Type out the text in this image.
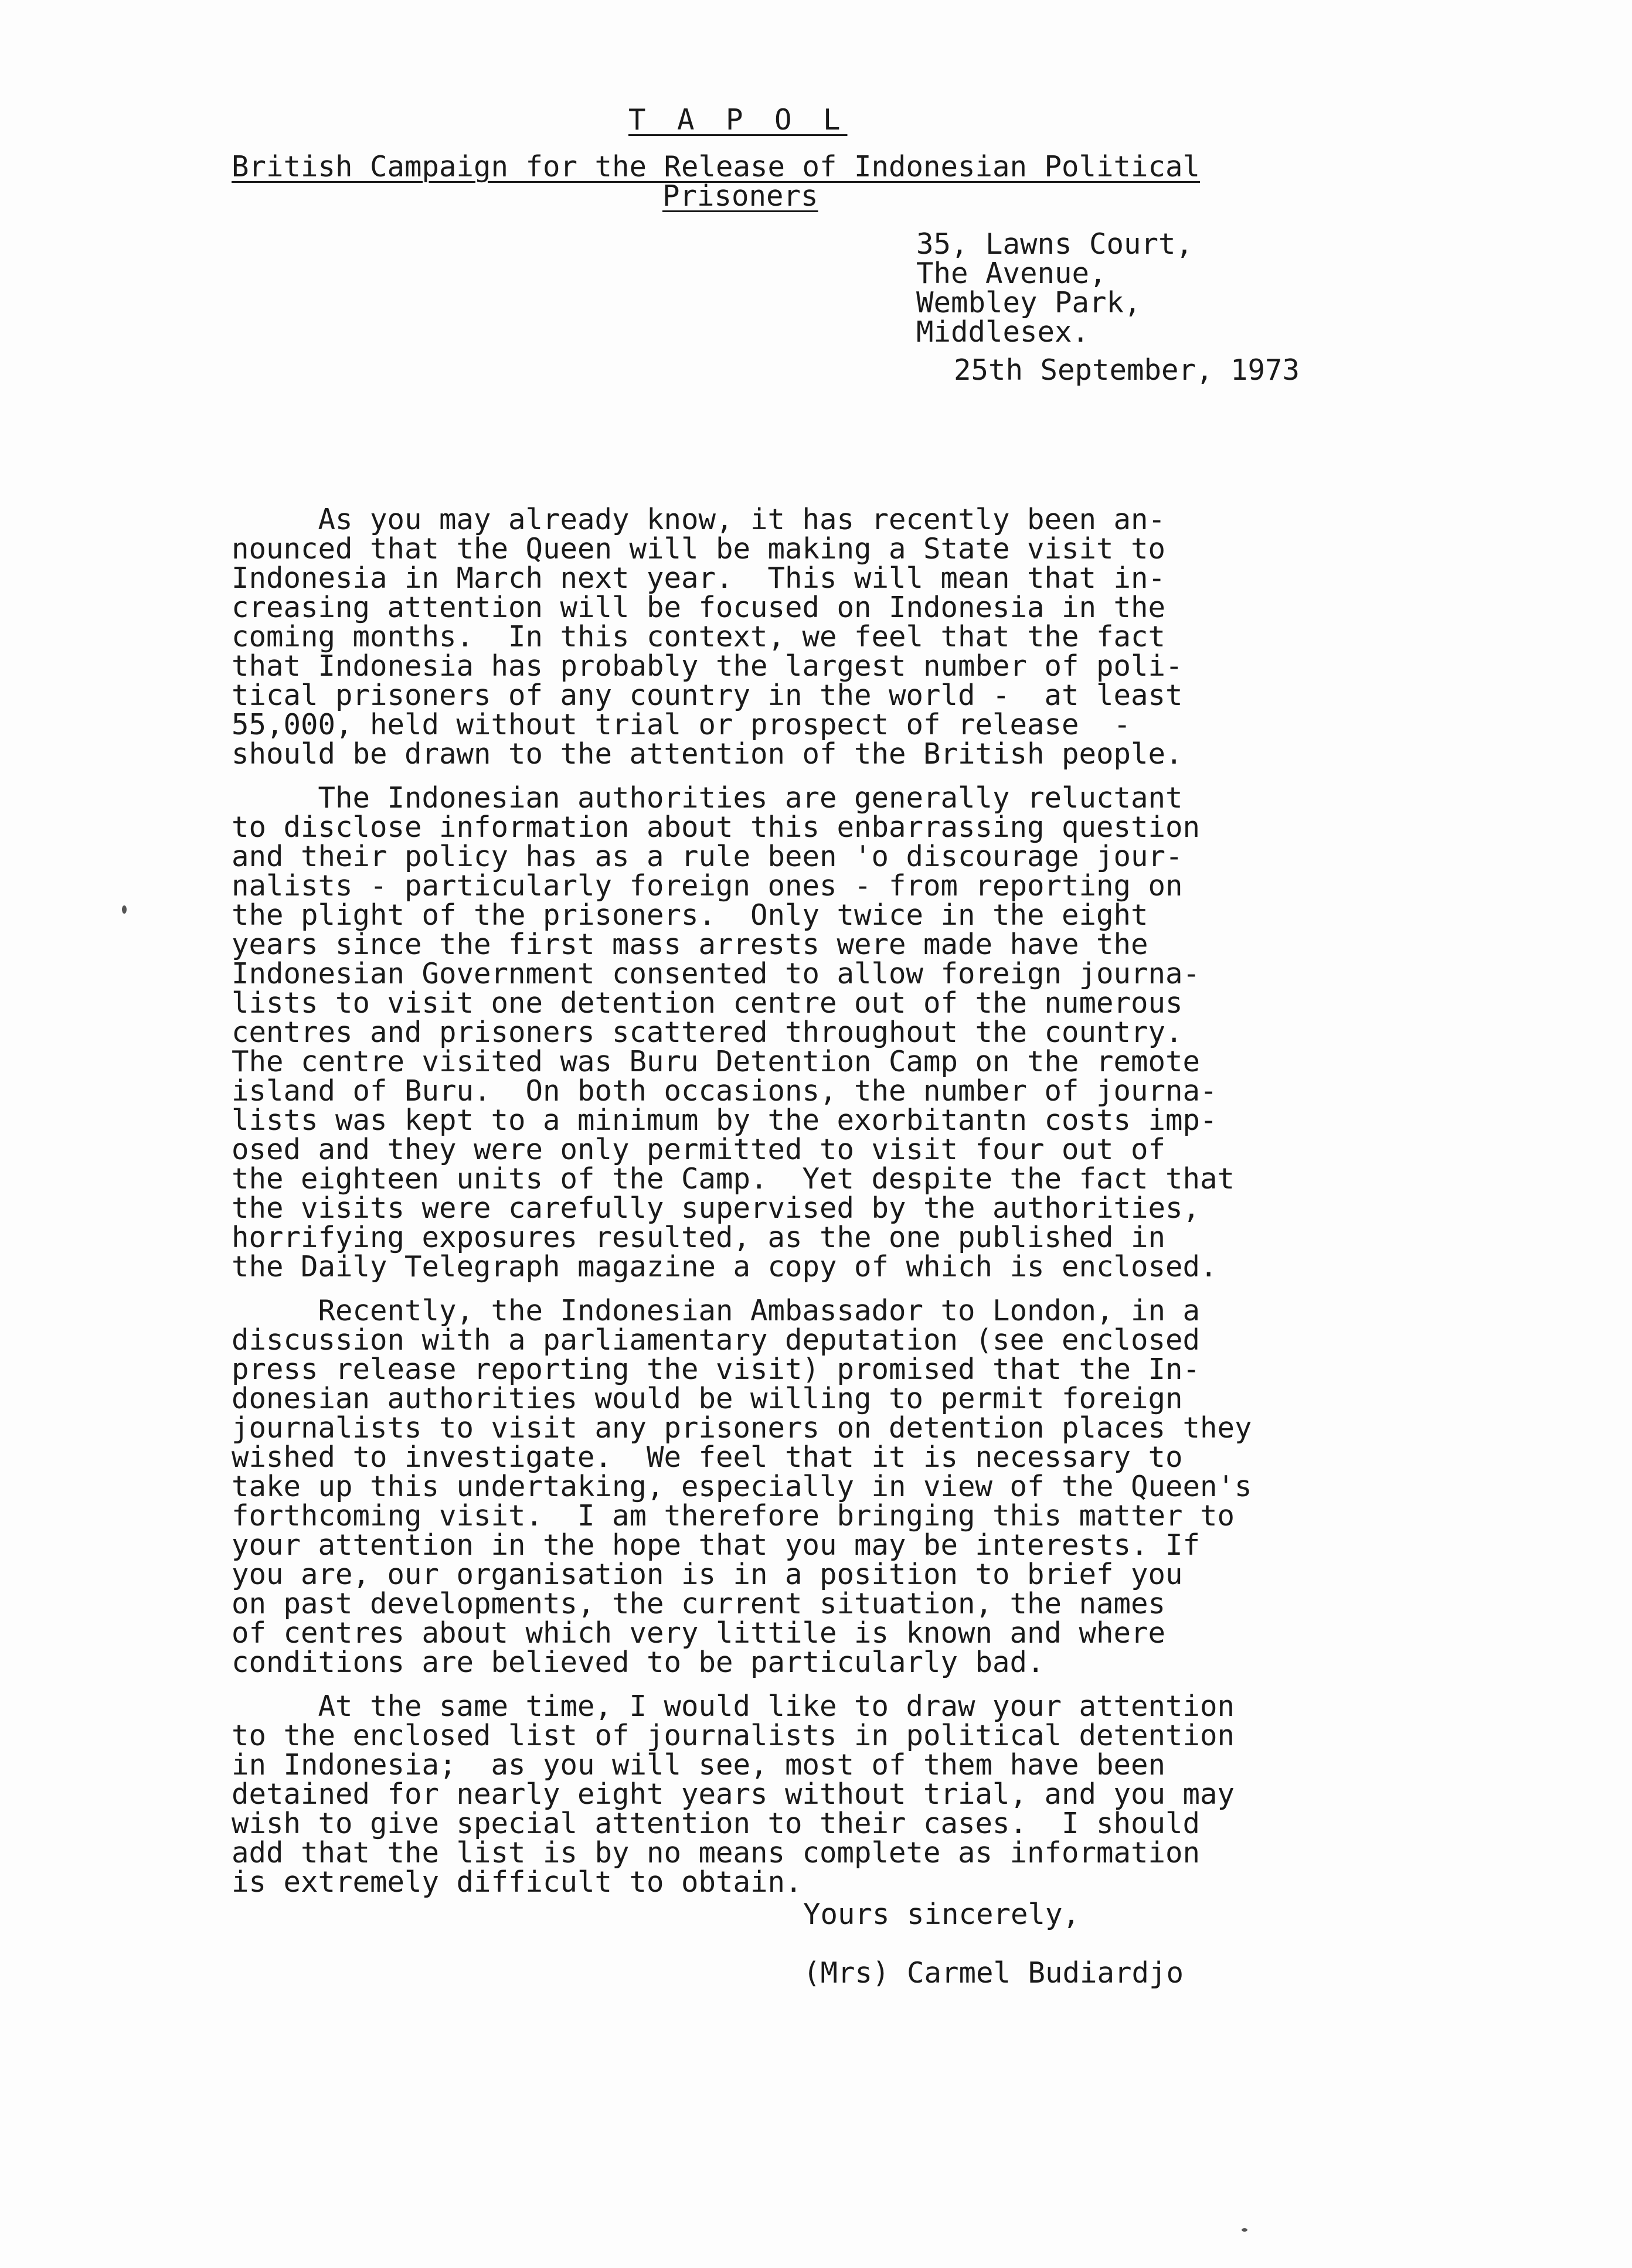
T A P O L
British Campaign for the Release of Indonesian Political
Prisoners
35, Lawns Court,
The Avenue,
Wembley Park,
Middlesex.
25th September, 1973
As you may already know, it has recently been an-
nounced that the Queen will be making a State visit to
Indonesia in March next year.  This will mean that in-
creasing attention will be focused on Indonesia in the
coming months.  In this context, we feel that the fact
that Indonesia has probably the largest number of poli-
tical prisoners of any country in the world -  at least
55,000, held without trial or prospect of release  -
should be drawn to the attention of the British people.
The Indonesian authorities are generally reluctant
to disclose information about this enbarrassing question
and their policy has as a rule been 'o discourage jour-
nalists - particularly foreign ones - from reporting on
the plight of the prisoners.  Only twice in the eight
years since the first mass arrests were made have the
Indonesian Government consented to allow foreign journa-
lists to visit one detention centre out of the numerous
centres and prisoners scattered throughout the country.
The centre visited was Buru Detention Camp on the remote
island of Buru.  On both occasions, the number of journa-
lists was kept to a minimum by the exorbitantn costs imp-
osed and they were only permitted to visit four out of
the eighteen units of the Camp.  Yet despite the fact that
the visits were carefully supervised by the authorities,
horrifying exposures resulted, as the one published in
the Daily Telegraph magazine a copy of which is enclosed.
Recently, the Indonesian Ambassador to London, in a
discussion with a parliamentary deputation (see enclosed
press release reporting the visit) promised that the In-
donesian authorities would be willing to permit foreign
journalists to visit any prisoners on detention places they
wished to investigate.  We feel that it is necessary to
take up this undertaking, especially in view of the Queen's
forthcoming visit.  I am therefore bringing this matter to
your attention in the hope that you may be interests. If
you are, our organisation is in a position to brief you
on past developments, the current situation, the names
of centres about which very littile is known and where
conditions are believed to be particularly bad.
At the same time, I would like to draw your attention
to the enclosed list of journalists in political detention
in Indonesia;  as you will see, most of them have been
detained for nearly eight years without trial, and you may
wish to give special attention to their cases.  I should
add that the list is by no means complete as information
is extremely difficult to obtain.
Yours sincerely,
(Mrs) Carmel Budiardjo
